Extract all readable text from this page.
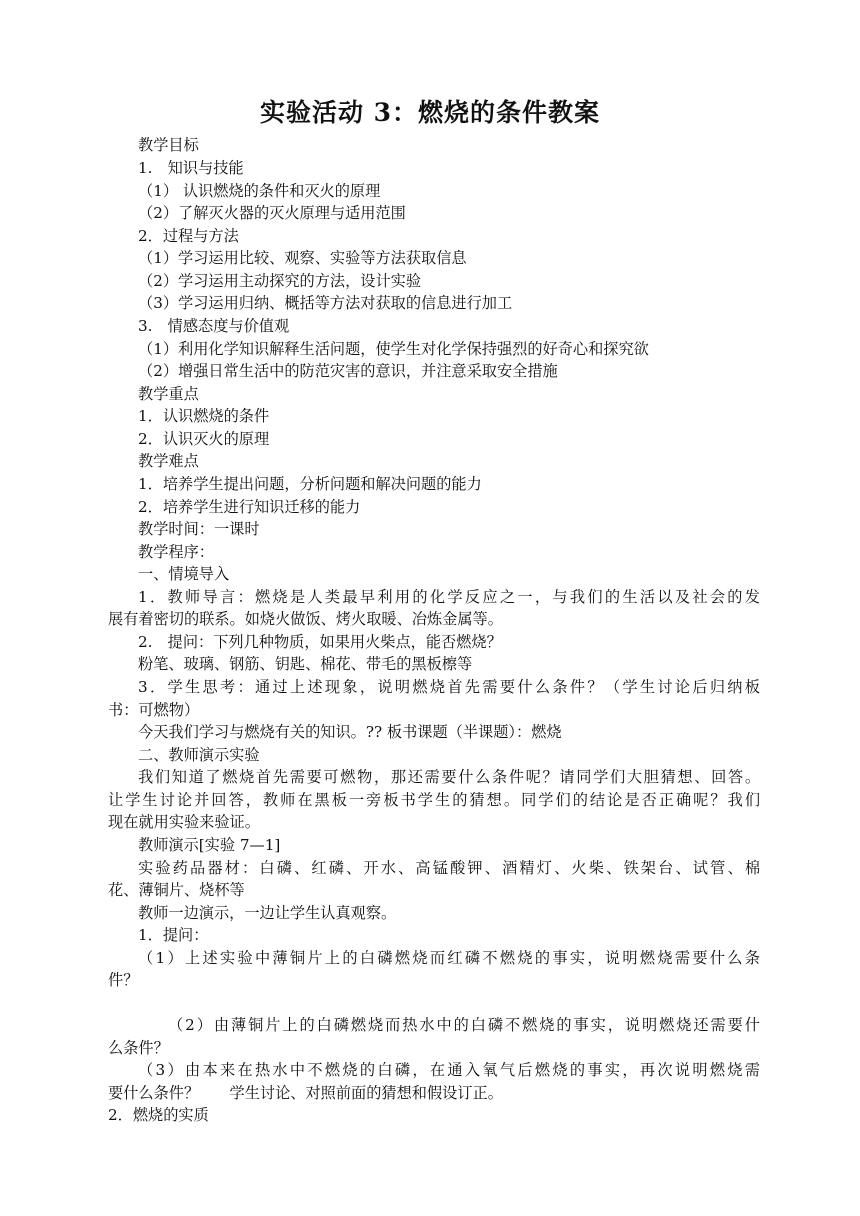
实验活动 3：燃烧的条件教案
教学目标
1.　知识与技能
（1） 认识燃烧的条件和灭火的原理
（2）了解灭火器的灭火原理与适用范围
2．过程与方法
（1）学习运用比较、观察、实验等方法获取信息
（2）学习运用主动探究的方法，设计实验
（3）学习运用归纳、概括等方法对获取的信息进行加工
3.　情感态度与价值观
（1）利用化学知识解释生活问题，使学生对化学保持强烈的好奇心和探究欲
（2）增强日常生活中的防范灾害的意识，并注意采取安全措施
教学重点
1．认识燃烧的条件
2．认识灭火的原理
教学难点
1．培养学生提出问题，分析问题和解决问题的能力
2．培养学生进行知识迁移的能力
教学时间：一课时
教学程序：
一、情境导入
1．教师导言：燃烧是人类最早利用的化学反应之一，与我们的生活以及社会的发
展有着密切的联系。如烧火做饭、烤火取暖、冶炼金属等。
2.　提问：下列几种物质，如果用火柴点，能否燃烧？
粉笔、玻璃、钢筋、钥匙、棉花、带毛的黑板檫等
3．学生思考：通过上述现象，说明燃烧首先需要什么条件？（学生讨论后归纳板
书：可燃物）
今天我们学习与燃烧有关的知识。?? 板书课题（半课题）：燃烧
二、教师演示实验
我们知道了燃烧首先需要可燃物，那还需要什么条件呢？请同学们大胆猜想、回答。
让学生讨论并回答，教师在黑板一旁板书学生的猜想。同学们的结论是否正确呢？我们
现在就用实验来验证。
教师演示[实验 7—1]
实验药品器材：白磷、红磷、开水、高锰酸钾、酒精灯、火柴、铁架台、试管、棉
花、薄铜片、烧杯等
教师一边演示，一边让学生认真观察。
1．提问：
（1）上述实验中薄铜片上的白磷燃烧而红磷不燃烧的事实，说明燃烧需要什么条
件？
（2）由薄铜片上的白磷燃烧而热水中的白磷不燃烧的事实，说明燃烧还需要什
么条件？
（3）由本来在热水中不燃烧的白磷，在通入氧气后燃烧的事实，再次说明燃烧需
要什么条件？　　学生讨论、对照前面的猜想和假设订正。
2．燃烧的实质
